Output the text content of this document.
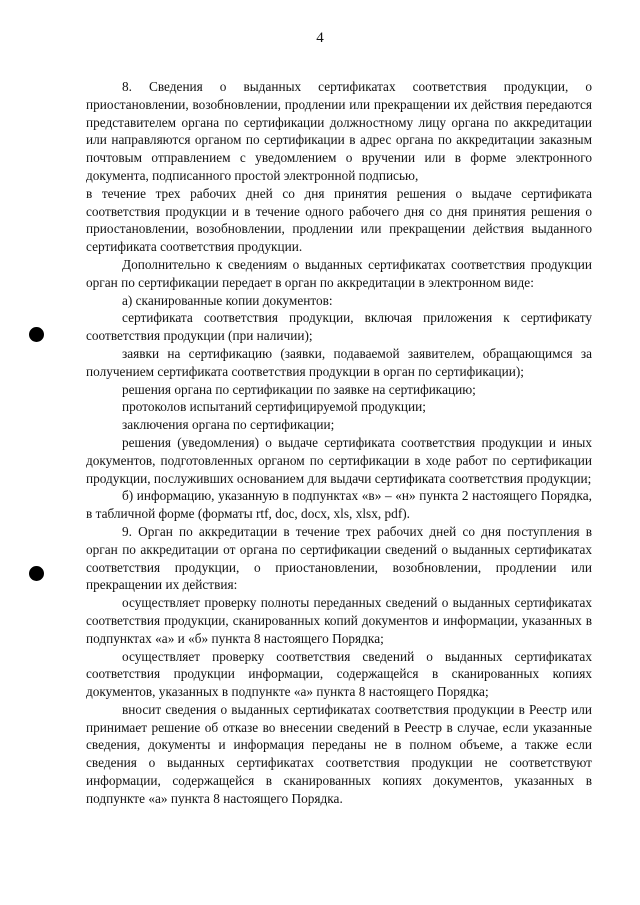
4

8. Сведения о выданных сертификатах соответствия продукции, о приостановлении, возобновлении, продлении или прекращении их действия передаются представителем органа по сертификации должностному лицу органа по аккредитации или направляются органом по сертификации в адрес органа по аккредитации заказным почтовым отправлением с уведомлением о вручении или в форме электронного документа, подписанного простой электронной подписью,

в течение трех рабочих дней со дня принятия решения о выдаче сертификата соответствия продукции и в течение одного рабочего дня со дня принятия решения о приостановлении, возобновлении, продлении или прекращении действия выданного сертификата соответствия продукции.

Дополнительно к сведениям о выданных сертификатах соответствия продукции орган по сертификации передает в орган по аккредитации в электронном виде:

а) сканированные копии документов:

сертификата соответствия продукции, включая приложения к сертификату соответствия продукции (при наличии);

заявки на сертификацию (заявки, подаваемой заявителем, обращающимся за получением сертификата соответствия продукции в орган по сертификации);

решения органа по сертификации по заявке на сертификацию;

протоколов испытаний сертифицируемой продукции;

заключения органа по сертификации;

решения (уведомления) о выдаче сертификата соответствия продукции и иных документов, подготовленных органом по сертификации в ходе работ по сертификации продукции, послуживших основанием для выдачи сертификата соответствия продукции;

б) информацию, указанную в подпунктах «в» – «н» пункта 2 настоящего Порядка, в табличной форме (форматы rtf, doc, docx, xls, xlsx, pdf).

9. Орган по аккредитации в течение трех рабочих дней со дня поступления в орган по аккредитации от органа по сертификации сведений о выданных сертификатах соответствия продукции, о приостановлении, возобновлении, продлении или прекращении их действия:

осуществляет проверку полноты переданных сведений о выданных сертификатах соответствия продукции, сканированных копий документов и информации, указанных в подпунктах «а» и «б» пункта 8 настоящего Порядка;

осуществляет проверку соответствия сведений о выданных сертификатах соответствия продукции информации, содержащейся в сканированных копиях документов, указанных в подпункте «а» пункта 8 настоящего Порядка;

вносит сведения о выданных сертификатах соответствия продукции в Реестр или принимает решение об отказе во внесении сведений в Реестр в случае, если указанные сведения, документы и информация переданы не в полном объеме, а также если сведения о выданных сертификатах соответствия продукции не соответствуют информации, содержащейся в сканированных копиях документов, указанных в подпункте «а» пункта 8 настоящего Порядка.
